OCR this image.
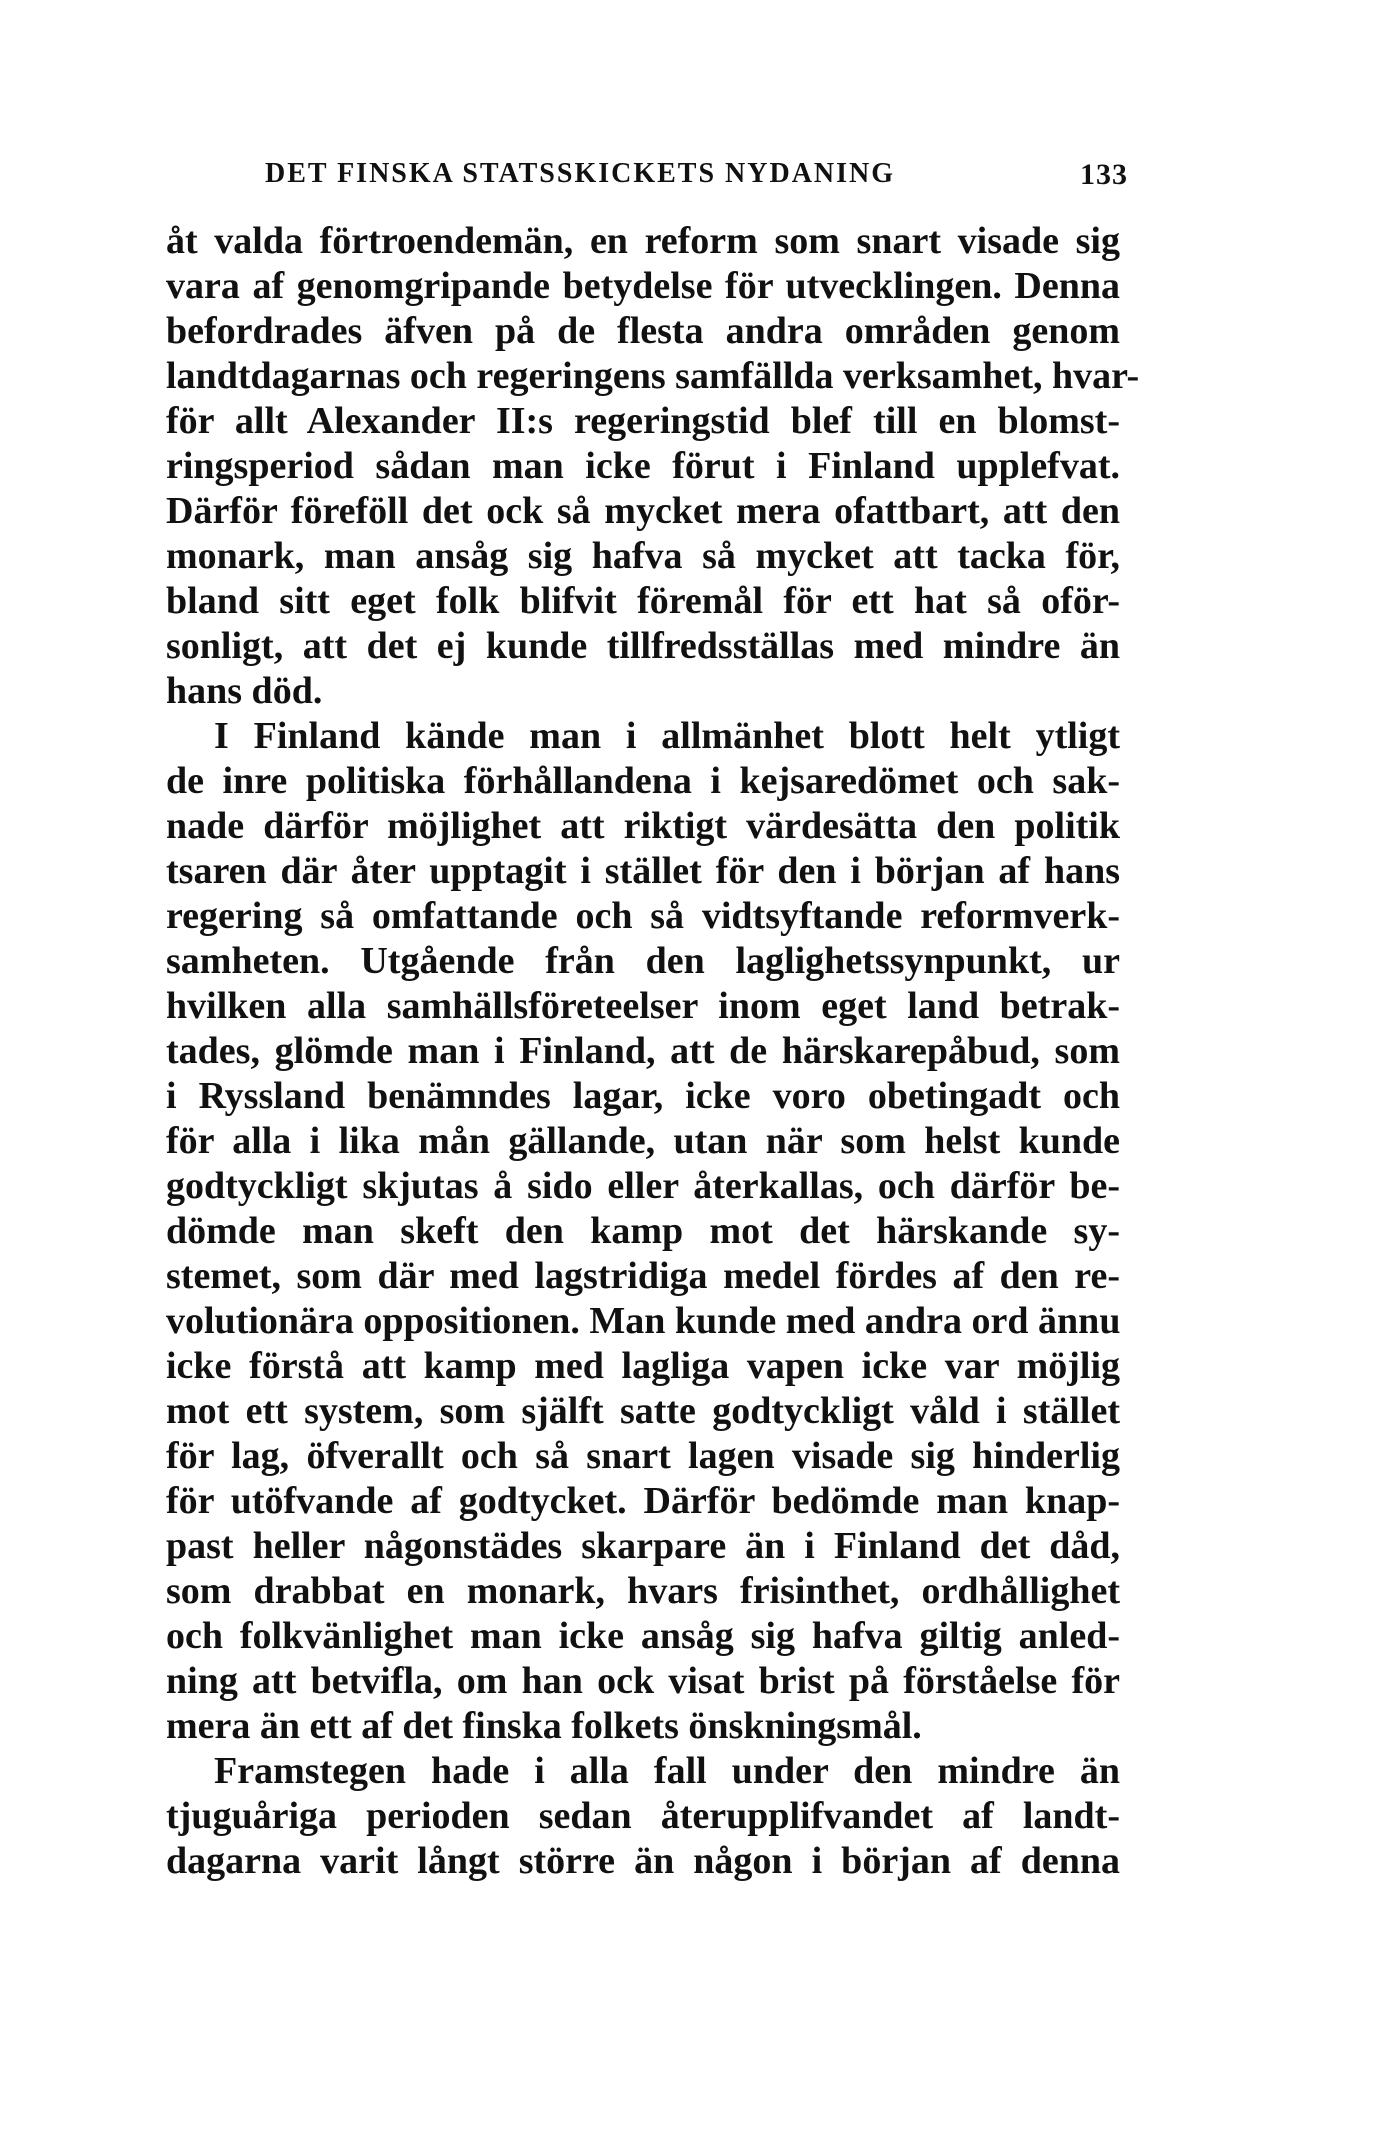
DET FINSKA STATSSKICKETS NYDANING	133
åt valda förtroendemän, en reform som snart visade sig
vara af genomgripande betydelse för utvecklingen. Denna
befordrades äfven på de flesta andra områden genom
landtdagarnas och regeringens samfällda verksamhet, hvar-
för allt Alexander II:s regeringstid blef till en blomst-
ringsperiod sådan man icke förut i Finland upplefvat.
Därför föreföll det ock så mycket mera ofattbart, att den
monark, man ansåg sig hafva så mycket att tacka för,
bland sitt eget folk blifvit föremål för ett hat så oför-
sonligt, att det ej kunde tillfredsställas med mindre än
hans död.
I Finland kände man i allmänhet blott helt ytligt
de inre politiska förhållandena i kejsaredömet och sak-
nade därför möjlighet att riktigt värdesätta den politik
tsaren där åter upptagit i stället för den i början af hans
regering så omfattande och så vidtsyftande reformverk-
samheten. Utgående från den laglighetssynpunkt, ur
hvilken alla samhällsföreteelser inom eget land betrak-
tades, glömde man i Finland, att de härskarepåbud, som
i Ryssland benämndes lagar, icke voro obetingadt och
för alla i lika mån gällande, utan när som helst kunde
godtyckligt skjutas å sido eller återkallas, och därför be-
dömde man skeft den kamp mot det härskande sy-
stemet, som där med lagstridiga medel fördes af den re-
volutionära oppositionen. Man kunde med andra ord ännu
icke förstå att kamp med lagliga vapen icke var möjlig
mot ett system, som själft satte godtyckligt våld i stället
för lag, öfverallt och så snart lagen visade sig hinderlig
för utöfvande af godtycket. Därför bedömde man knap-
past heller någonstädes skarpare än i Finland det dåd,
som drabbat en monark, hvars frisinthet, ordhållighet
och folkvänlighet man icke ansåg sig hafva giltig anled-
ning att betvifla, om han ock visat brist på förståelse för
mera än ett af det finska folkets önskningsmål.
Framstegen hade i alla fall under den mindre än
tjuguåriga perioden sedan återupplifvandet af landt-
dagarna varit långt större än någon i början af denna
